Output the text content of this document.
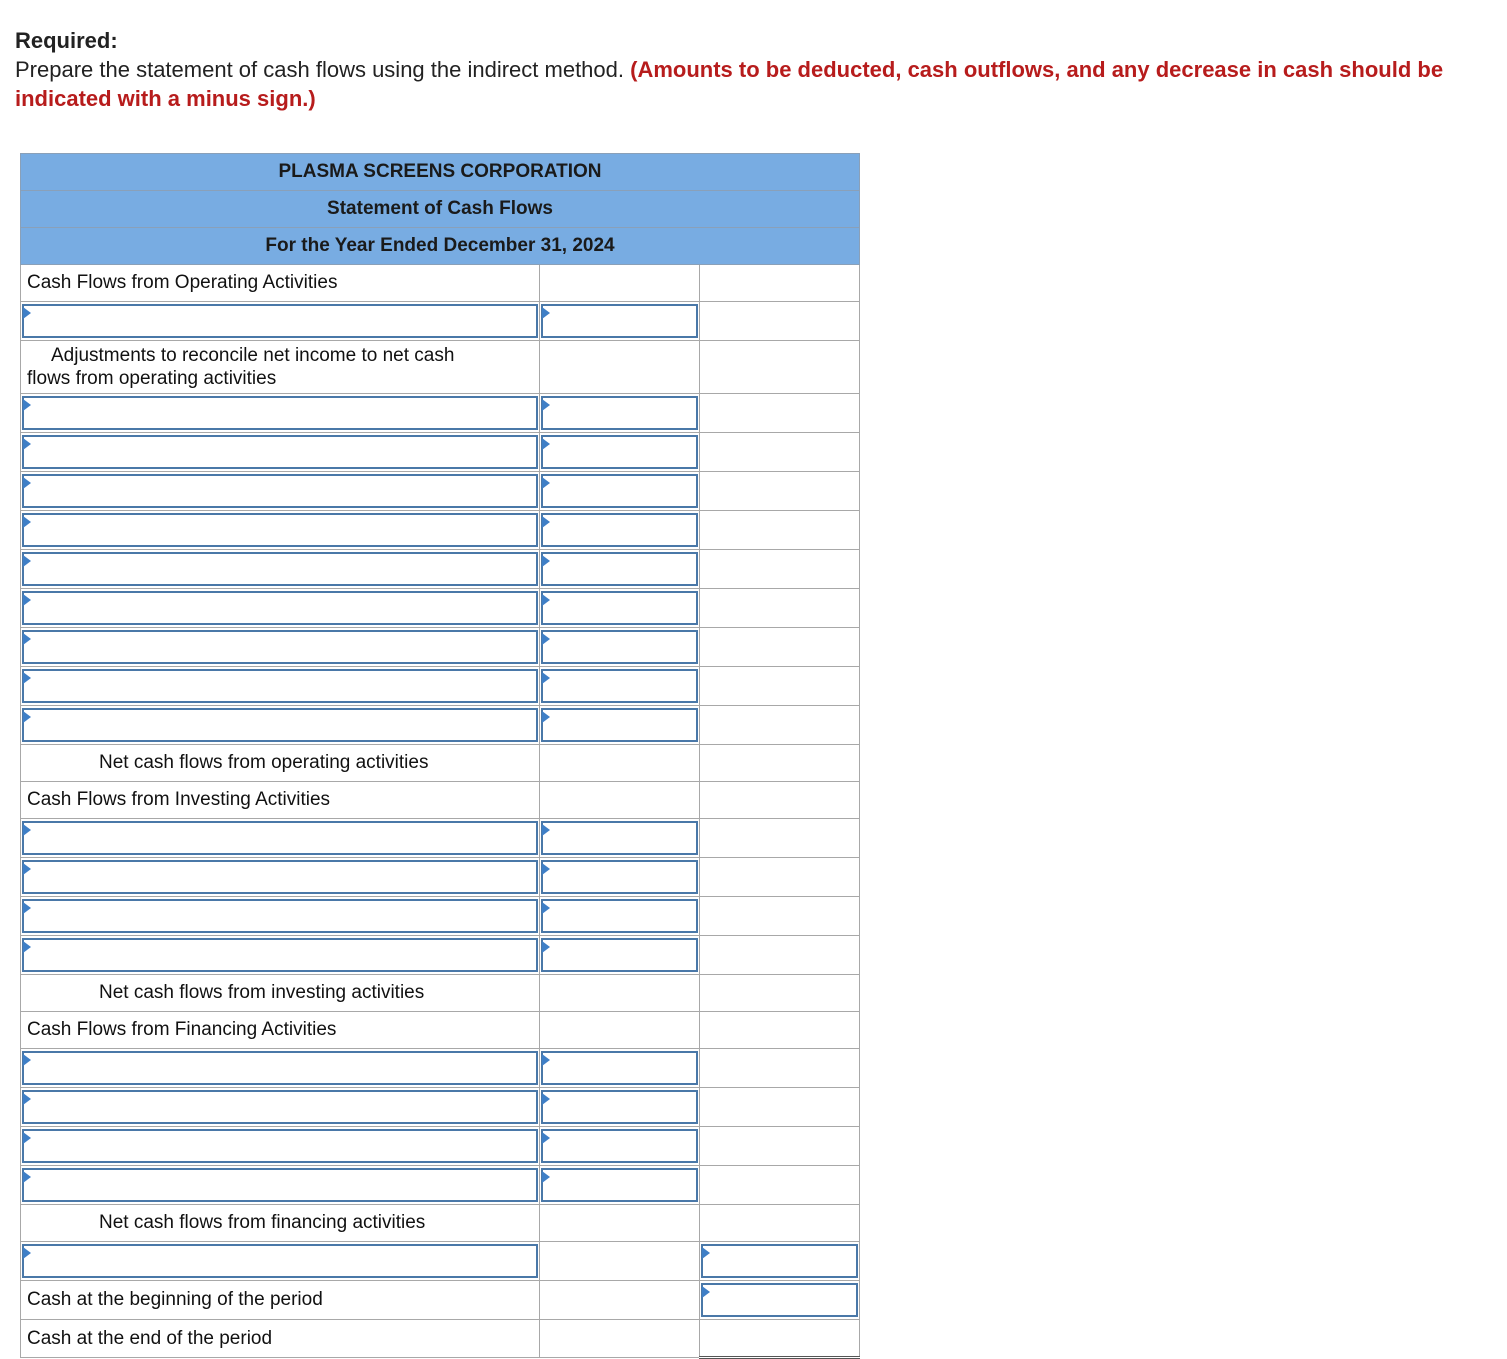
Required:
Prepare the statement of cash flows using the indirect method. (Amounts to be deducted, cash outflows, and any decrease in cash should be indicated with a minus sign.)
PLASMA SCREENS CORPORATION		
Statement of Cash Flows		
For the Year Ended December 31, 2024		
Cash Flows from Operating Activities		

Adjustments to reconcile net income to net cash
flows from operating activities		

Net cash flows from operating activities		
Cash Flows from Investing Activities		

Net cash flows from investing activities		
Cash Flows from Financing Activities		

Net cash flows from financing activities		

Cash at the beginning of the period		

Cash at the end of the period		
